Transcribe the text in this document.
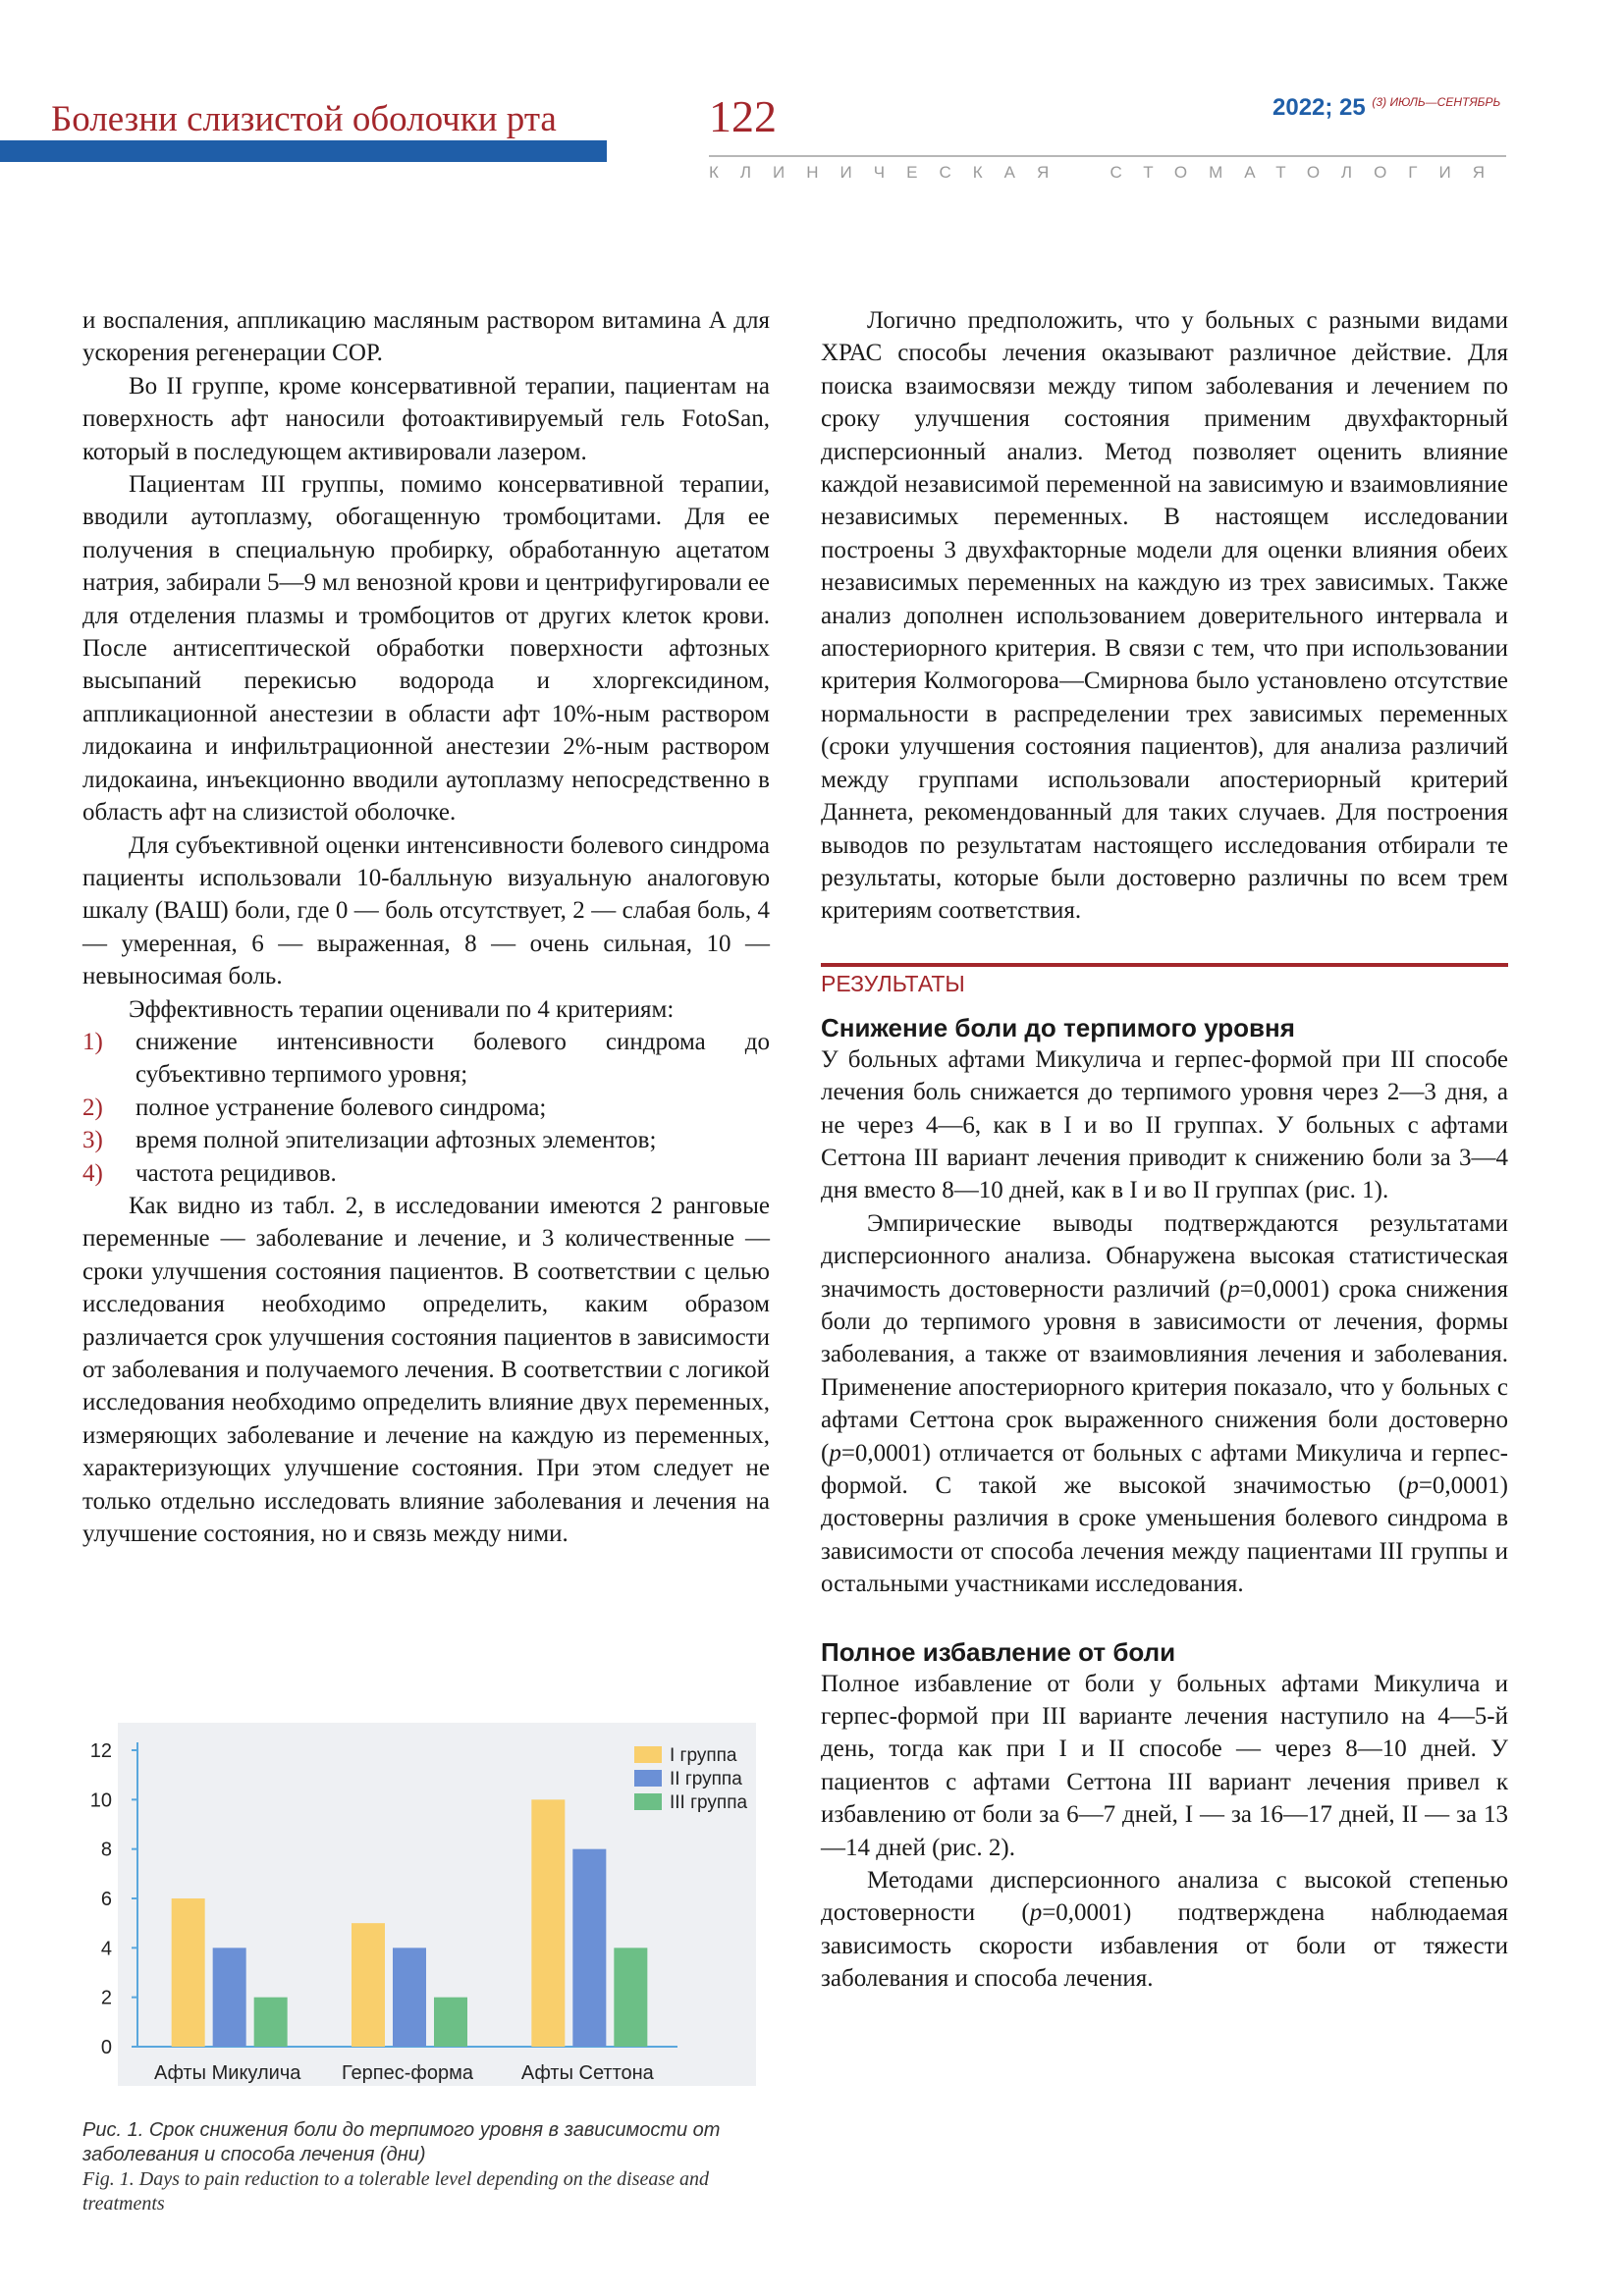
Болезни слизистой оболочки рта	122	2022; 25 $^{(3) ИЮЛЬ—СЕНТЯБРЬ}$
КЛИНИЧЕСКАЯ СТОМАТОЛОГИЯ

и воспаления, аппликацию масляным раствором витамина А для ускорения регенерации СОР.

Во II группе, кроме консервативной терапии, пациентам на поверхность афт наносили фотоактивируемый гель FotoSan, который в последующем активировали лазером.

Пациентам III группы, помимо консервативной терапии, вводили аутоплазму, обогащенную тромбоцитами. Для ее получения в специальную пробирку, обработанную ацетатом натрия, забирали 5—9 мл венозной крови и центрифугировали ее для отделения плазмы и тромбоцитов от других клеток крови. После антисептической обработки поверхности афтозных высыпаний перекисью водорода и хлоргексидином, аппликационной анестезии в области афт 10%-ным раствором лидокаина и инфильтрационной анестезии 2%-ным раствором лидокаина, инъекционно вводили аутоплазму непосредственно в область афт на слизистой оболочке.

Для субъективной оценки интенсивности болевого синдрома пациенты использовали 10-балльную визуальную аналоговую шкалу (ВАШ) боли, где 0 — боль отсутствует, 2 — слабая боль, 4 — умеренная, 6 — выраженная, 8 — очень сильная, 10 — невыносимая боль.

Эффективность терапии оценивали по 4 критериям:

1) снижение интенсивности болевого синдрома до субъективно терпимого уровня;
2) полное устранение болевого синдрома;
3) время полной эпителизации афтозных элементов;
4) частота рецидивов.

Как видно из табл. 2, в исследовании имеются 2 ранговые переменные — заболевание и лечение, и 3 количественные — сроки улучшения состояния пациентов. В соответствии с целью исследования необходимо определить, каким образом различается срок улучшения состояния пациентов в зависимости от заболевания и получаемого лечения. В соответствии с логикой исследования необходимо определить влияние двух переменных, измеряющих заболевание и лечение на каждую из переменных, характеризующих улучшение состояния. При этом следует не только отдельно исследовать влияние заболевания и лечения на улучшение состояния, но и связь между ними.

0
2
4
6
8
10
12
Афты Микулича Герпес-форма Афты Сеттона
I группа
II группа
III группа
Рис. 1. Срок снижения боли до терпимого уровня в зависимости от заболевания и способа лечения (дни)
Fig. 1. Days to pain reduction to a tolerable level depending on the disease and treatments

Логично предположить, что у больных с разными видами ХРАС способы лечения оказывают различное действие. Для поиска взаимосвязи между типом заболевания и лечением по сроку улучшения состояния применим двухфакторный дисперсионный анализ. Метод позволяет оценить влияние каждой независимой переменной на зависимую и взаимовлияние независимых переменных. В настоящем исследовании построены 3 двухфакторные модели для оценки влияния обеих независимых переменных на каждую из трех зависимых. Также анализ дополнен использованием доверительного интервала и апостериорного критерия. В связи с тем, что при использовании критерия Колмогорова—Смирнова было установлено отсутствие нормальности в распределении трех зависимых переменных (сроки улучшения состояния пациентов), для анализа различий между группами использовали апостериорный критерий Даннета, рекомендованный для таких случаев. Для построения выводов по результатам настоящего исследования отбирали те результаты, которые были достоверно различны по всем трем критериям соответствия.

РЕЗУЛЬТАТЫ
Снижение боли до терпимого уровня

У больных афтами Микулича и герпес-формой при III способе лечения боль снижается до терпимого уровня через 2—3 дня, а не через 4—6, как в I и во II группах. У больных с афтами Сеттона III вариант лечения приводит к снижению боли за 3—4 дня вместо 8—10 дней, как в I и во II группах (рис. 1).

Эмпирические выводы подтверждаются результатами дисперсионного анализа. Обнаружена высокая статистическая значимость достоверности различий (p=0,0001) срока снижения боли до терпимого уровня в зависимости от лечения, формы заболевания, а также от взаимовлияния лечения и заболевания. Применение апостериорного критерия показало, что у больных с афтами Сеттона срок выраженного снижения боли достоверно (p=0,0001) отличается от больных с афтами Микулича и герпес-формой. С такой же высокой значимостью (p=0,0001) достоверны различия в сроке уменьшения болевого синдрома в зависимости от способа лечения между пациентами III группы и остальными участниками исследования.

Полное избавление от боли

Полное избавление от боли у больных афтами Микулича и герпес-формой при III варианте лечения наступило на 4—5-й день, тогда как при I и II способе — через 8—10 дней. У пациентов с афтами Сеттона III вариант лечения привел к избавлению от боли за 6—7 дней, I — за 16—17 дней, II — за 13—14 дней (рис. 2).

Методами дисперсионного анализа с высокой степенью достоверности (p=0,0001) подтверждена наблюдаемая зависимость скорости избавления от боли от тяжести заболевания и способа лечения.
